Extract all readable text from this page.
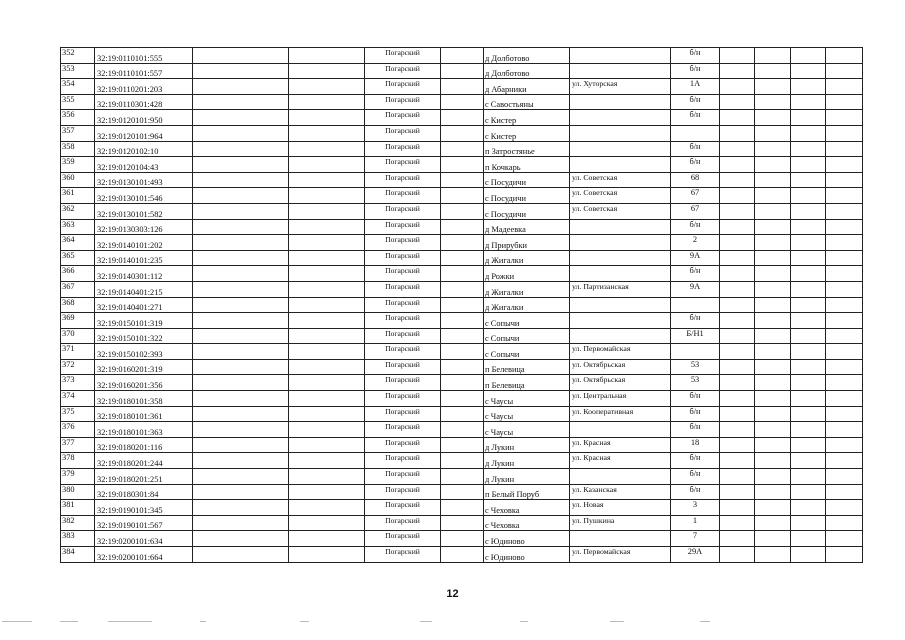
352	32:19:0110101:555			Погарский		д Долботово		б/н				
353	32:19:0110101:557			Погарский		д Долботово		б/н				
354	32:19:0110201:203			Погарский		д Абарники	ул. Хуторская	1А				
355	32:19:0110301:428			Погарский		с Савостьяны		б/н				
356	32:19:0120101:950			Погарский		с Кистер		б/н				
357	32:19:0120101:964			Погарский		с Кистер						
358	32:19:0120102:10			Погарский		п Затростянье		б/н				
359	32:19:0120104:43			Погарский		п Кочкарь		б/н				
360	32:19:0130101:493			Погарский		с Посудичи	ул. Советская	68				
361	32:19:0130101:546			Погарский		с Посудичи	ул. Советская	67				
362	32:19:0130101:582			Погарский		с Посудичи	ул. Советская	67				
363	32:19:0130303:126			Погарский		д Мадеевка		б/н				
364	32:19:0140101:202			Погарский		д Прирубки		2				
365	32:19:0140101:235			Погарский		д Жигалки		9А				
366	32:19:0140301:112			Погарский		д Рожки		б/н				
367	32:19:0140401:215			Погарский		д Жигалки	ул. Партизанская	9А				
368	32:19:0140401:271			Погарский		д Жигалки						
369	32:19:0150101:319			Погарский		с Сопычи		б/н				
370	32:19:0150101:322			Погарский		с Сопычи		Б/Н1				
371	32:19:0150102:393			Погарский		с Сопычи	ул. Первомайская					
372	32:19:0160201:319			Погарский		п Белевица	ул. Октябрьская	53				
373	32:19:0160201:356			Погарский		п Белевица	ул. Октябрьская	53				
374	32:19:0180101:358			Погарский		с Чаусы	ул. Центральная	б/н				
375	32:19:0180101:361			Погарский		с Чаусы	ул. Кооперативная	б/н				
376	32:19:0180101:363			Погарский		с Чаусы		б/н				
377	32:19:0180201:116			Погарский		д Лукин	ул. Красная	18				
378	32:19:0180201:244			Погарский		д Лукин	ул. Красная	б/н				
379	32:19:0180201:251			Погарский		д Лукин		б/н				
380	32:19:0180301:84			Погарский		п Белый Поруб	ул. Казанская	б/н				
381	32:19:0190101:345			Погарский		с Чеховка	ул. Новая	3				
382	32:19:0190101:567			Погарский		с Чеховка	ул. Пушкина	1				
383	32:19:0200101:634			Погарский		с Юдиново		7				
384	32:19:0200101:664			Погарский		с Юдиново	ул. Первомайская	29А				
12
